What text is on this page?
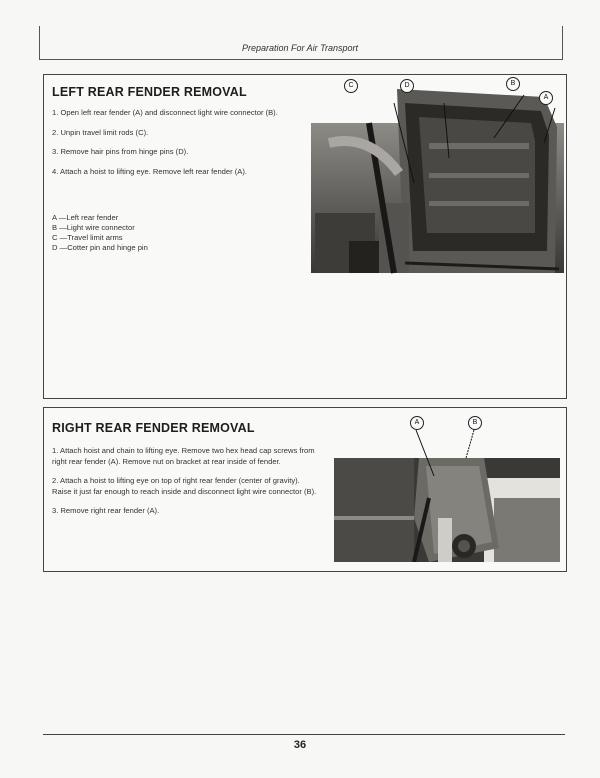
Preparation For Air Transport
LEFT REAR FENDER REMOVAL
1. Open left rear fender (A) and disconnect light wire connector (B).
2. Unpin travel limit rods (C).
3. Remove hair pins from hinge pins (D).
4. Attach a hoist to lifting eye. Remove left rear fender (A).
A —Left rear fender
B —Light wire connector
C —Travel limit arms
D —Cotter pin and hinge pin
C	D	B
A
RIGHT REAR FENDER REMOVAL
1. Attach hoist and chain to lifting eye. Remove two hex head cap screws from right rear fender (A). Remove nut on bracket at rear inside of fender.
2. Attach a hoist to lifting eye on top of right rear fender (center of gravity). Raise it just far enough to reach inside and disconnect light wire connector (B).
3. Remove right rear fender (A).
A	B
36
